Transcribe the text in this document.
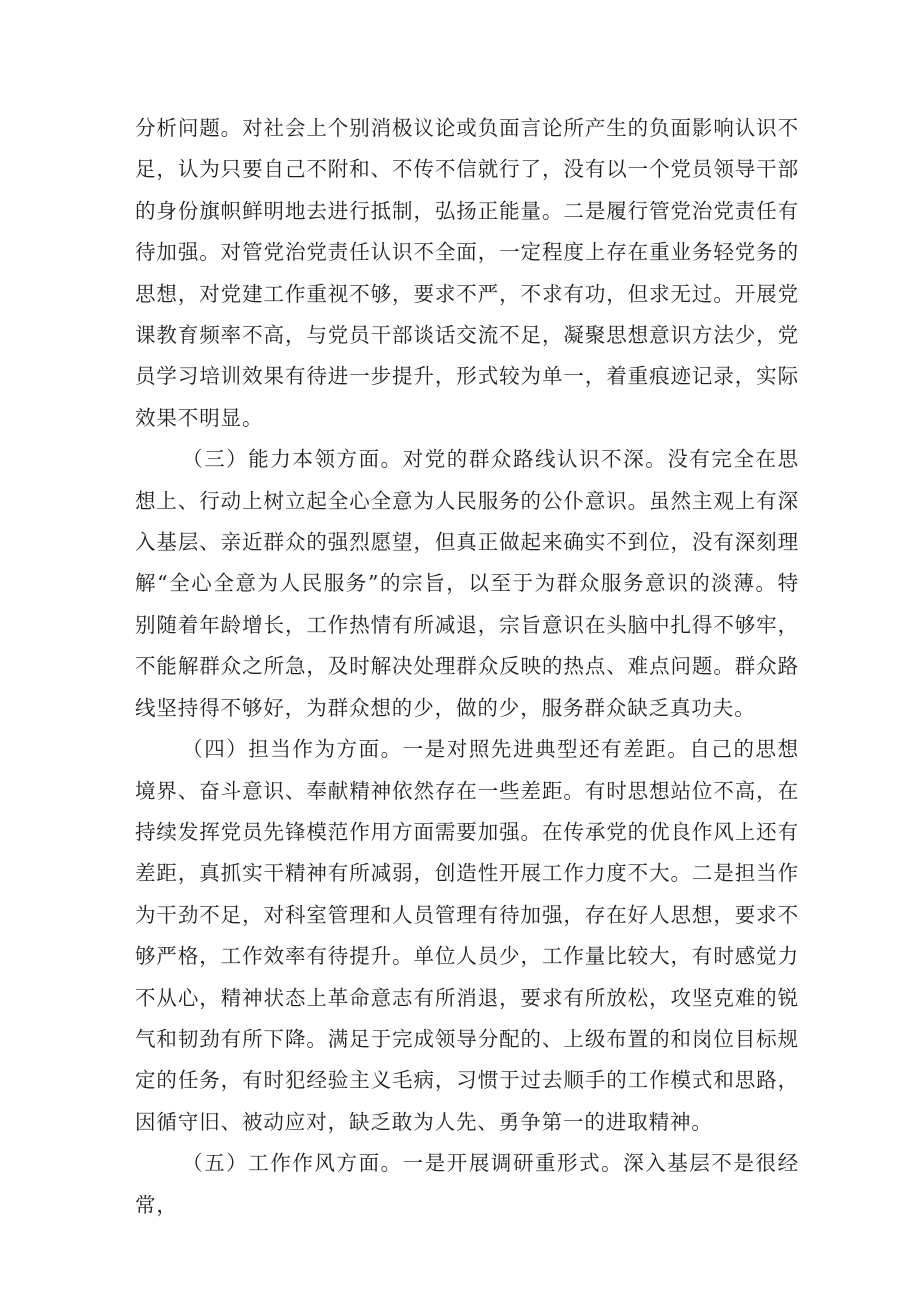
分析问题。对社会上个别消极议论或负面言论所产生的负面影响认识不足，认为只要自己不附和、不传不信就行了，没有以一个党员领导干部的身份旗帜鲜明地去进行抵制，弘扬正能量。二是履行管党治党责任有待加强。对管党治党责任认识不全面，一定程度上存在重业务轻党务的思想，对党建工作重视不够，要求不严，不求有功，但求无过。开展党课教育频率不高，与党员干部谈话交流不足，凝聚思想意识方法少，党员学习培训效果有待进一步提升，形式较为单一，着重痕迹记录，实际效果不明显。

（三）能力本领方面。对党的群众路线认识不深。没有完全在思想上、行动上树立起全心全意为人民服务的公仆意识。虽然主观上有深入基层、亲近群众的强烈愿望，但真正做起来确实不到位，没有深刻理解“全心全意为人民服务”的宗旨，以至于为群众服务意识的淡薄。特别随着年龄增长，工作热情有所减退，宗旨意识在头脑中扎得不够牢，不能解群众之所急，及时解决处理群众反映的热点、难点问题。群众路线坚持得不够好，为群众想的少，做的少，服务群众缺乏真功夫。

（四）担当作为方面。一是对照先进典型还有差距。自己的思想境界、奋斗意识、奉献精神依然存在一些差距。有时思想站位不高，在持续发挥党员先锋模范作用方面需要加强。在传承党的优良作风上还有差距，真抓实干精神有所减弱，创造性开展工作力度不大。二是担当作为干劲不足，对科室管理和人员管理有待加强，存在好人思想，要求不够严格，工作效率有待提升。单位人员少，工作量比较大，有时感觉力不从心，精神状态上革命意志有所消退，要求有所放松，攻坚克难的锐气和韧劲有所下降。满足于完成领导分配的、上级布置的和岗位目标规定的任务，有时犯经验主义毛病，习惯于过去顺手的工作模式和思路，因循守旧、被动应对，缺乏敢为人先、勇争第一的进取精神。

（五）工作作风方面。一是开展调研重形式。深入基层不是很经常，
